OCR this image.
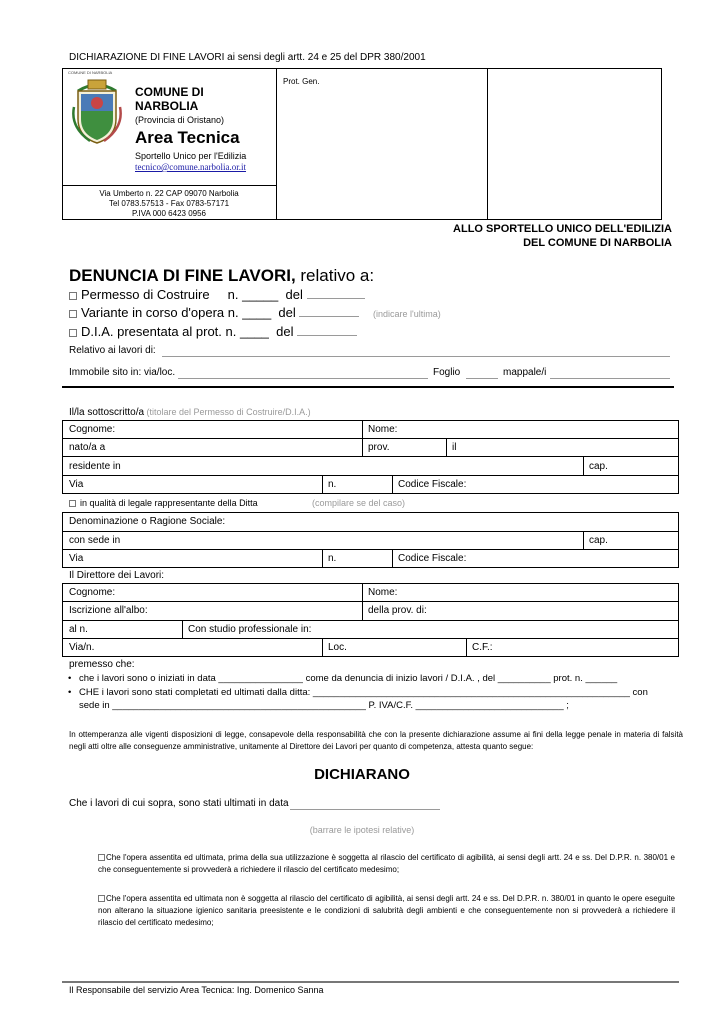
DICHIARAZIONE DI FINE LAVORI ai sensi degli artt. 24 e 25 del DPR 380/2001
COMUNE DI NARBOLIA
COMUNE DI
NARBOLIA
(Provincia di Oristano)
Area Tecnica
Sportello Unico per l'Edilizia
tecnico@comune.narbolia.or.it
Via Umberto n. 22 CAP 09070 Narbolia
Tel 0783.57513 - Fax 0783-57171
P.IVA 000 6423 0956
Prot. Gen.
ALLO SPORTELLO UNICO DELL'EDILIZIA
DEL COMUNE DI NARBOLIA
DENUNCIA DI FINE LAVORI, relativo a:
Permesso di Costruire n. _____ del
Variante in corso d'opera n. ____ del	(indicare l'ultima)
D.I.A. presentata al prot. n. ____ del
Relativo ai lavori di:
Immobile sito in: via/loc.	Foglio	mappale/i
Il/la sottoscritto/a (titolare del Permesso di Costruire/D.I.A.)
Cognome:	Nome:
nato/a a	prov.	il
residente in	cap.
Via	n.	Codice Fiscale:
in qualità di legale rappresentante della Ditta	(compilare se del caso)
Denominazione o Ragione Sociale:
con sede in	cap.
Via	n.	Codice Fiscale:
Il Direttore dei Lavori:
Cognome:	Nome:
Iscrizione all'albo:	della prov. di:
al n.	Con studio professionale in:
Via/n.	Loc.	C.F.:
premesso che:
• che i lavori sono o iniziati in data ________________ come da denuncia di inizio lavori / D.I.A. , del __________ prot. n. ______
• CHE i lavori sono stati completati ed ultimati dalla ditta: ____________________________________________________________ con
sede in ________________________________________________ P. IVA/C.F. ____________________________ ;
In ottemperanza alle vigenti disposizioni di legge, consapevole della responsabilità che con la presente dichiarazione assume ai fini della legge penale in materia di falsità negli atti oltre alle conseguenze amministrative, unitamente al Direttore dei Lavori per quanto di competenza, attesta quanto segue:
DICHIARANO
Che i lavori di cui sopra, sono stati ultimati in data
(barrare le ipotesi relative)
Che l'opera assentita ed ultimata, prima della sua utilizzazione è soggetta al rilascio del certificato di agibilità, ai sensi degli artt. 24 e ss. Del D.P.R. n. 380/01 e che conseguentemente si provvederà a richiedere il rilascio del certificato medesimo;
Che l'opera assentita ed ultimata non è soggetta al rilascio del certificato di agibilità, ai sensi degli artt. 24 e ss. Del D.P.R. n. 380/01 in quanto le opere eseguite non alterano la situazione igienico sanitaria preesistente e le condizioni di salubrità degli ambienti e che conseguentemente non si provvederà a richiedere il rilascio del certificato medesimo;
Il Responsabile del servizio Area Tecnica: Ing. Domenico Sanna
